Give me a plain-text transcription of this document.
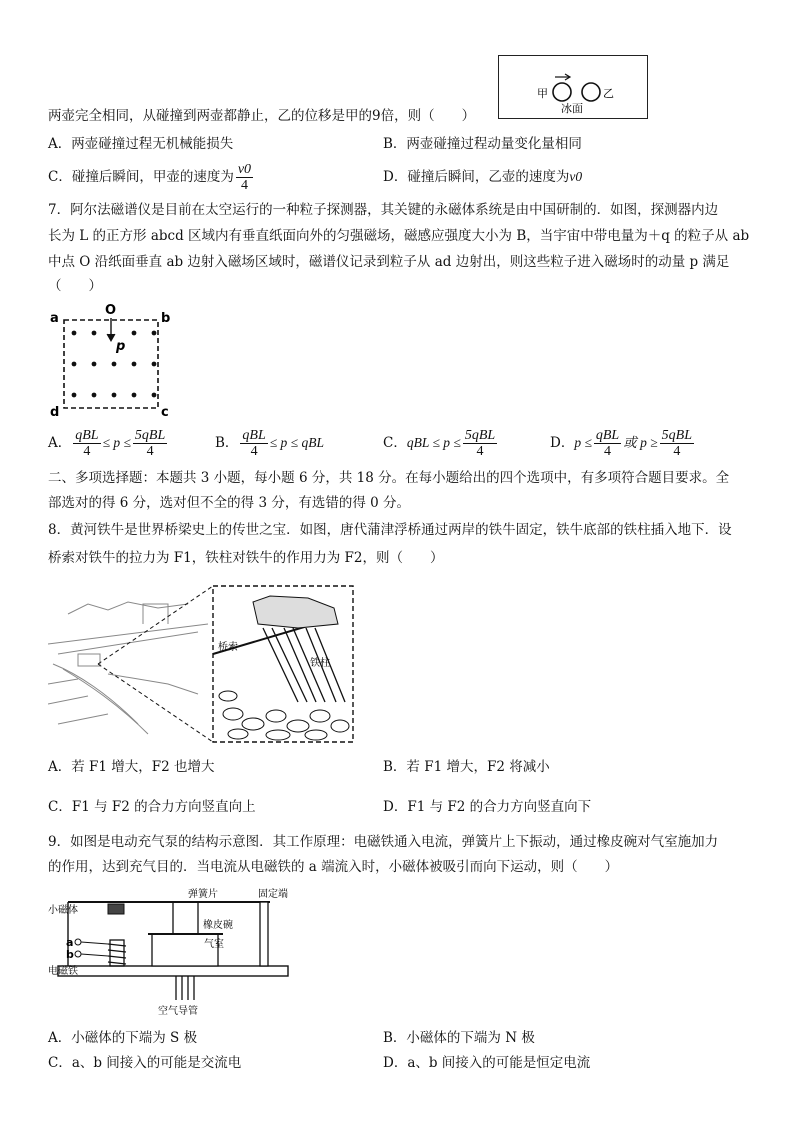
甲	乙
冰面
两壶完全相同，从碰撞到两壶都静止，乙的位移是甲的9倍，则（　　）
A．两壶碰撞过程无机械能损失	B．两壶碰撞过程动量变化量相同
C．碰撞后瞬间，甲壶的速度为 $\frac{v0}{4}$	D．碰撞后瞬间，乙壶的速度为v0
7．阿尔法磁谱仪是目前在太空运行的一种粒子探测器，其关键的永磁体系统是由中国研制的．如图，探测器内边
长为 L 的正方形 abcd 区域内有垂直纸面向外的匀强磁场，磁感应强度大小为 B，当宇宙中带电量为＋q 的粒子从 ab
中点 O 沿纸面垂直 ab 边射入磁场区域时，磁谱仪记录到粒子从 ad 边射出，则这些粒子进入磁场时的动量 p 满足
（　　）
a	b
c
d
O
p
A． $\frac{\text{qBL}}{4} \le p \le \frac{\text{5qBL}}{4}$	B． $\frac{\text{qBL}}{4} \le p$ ≤ qBL	C．qBL ≤ $p \le \frac{\text{5qBL}}{4}$	D．$p \le \frac{\text{qBL}}{4}$ 或 $p \ge \frac{\text{5qBL}}{4}$
二、多项选择题：本题共 3 小题，每小题 6 分，共 18 分。在每小题给出的四个选项中，有多项符合题目要求。全
部选对的得 6 分，选对但不全的得 3 分，有选错的得 0 分。
8．黄河铁牛是世界桥梁史上的传世之宝．如图，唐代蒲津浮桥通过两岸的铁牛固定，铁牛底部的铁柱插入地下．设
桥索对铁牛的拉力为 F1，铁柱对铁牛的作用力为 F2，则（　　）
桥索
铁柱
A．若 F1 增大，F2 也增大	B．若 F1 增大，F2 将减小
C．F1 与 F2 的合力方向竖直向上	D．F1 与 F2 的合力方向竖直向下
9．如图是电动充气泵的结构示意图．其工作原理：电磁铁通入电流，弹簧片上下振动，通过橡皮碗对气室施加力
的作用，达到充气目的．当电流从电磁铁的 a 端流入时，小磁体被吸引而向下运动，则（　　）
弹簧片	固定端
小磁体
a
b
电磁铁
橡皮碗
气室
空气导管
A．小磁体的下端为 S 极	B．小磁体的下端为 N 极
C．a、b 间接入的可能是交流电	D．a、b 间接入的可能是恒定电流
